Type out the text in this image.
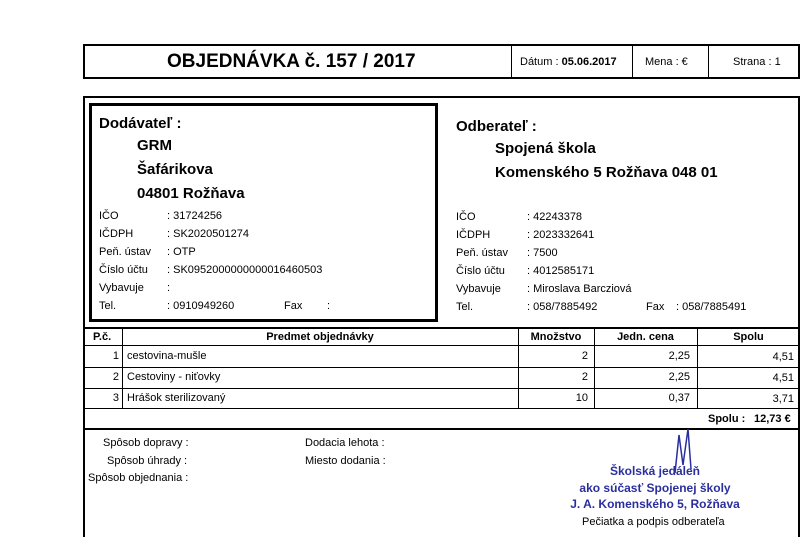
OBJEDNÁVKA č. 157 / 2017	Dátum : 05.06.2017	Mena : €	Strana : 1
Dodávateľ :
GRM
Šafárikova
04801 Rožňava
IČO	: 31724256
IČDPH	: SK2020501274
Peň. ústav : OTP
Číslo účtu : SK0952000000000016460503
Vybavuje :
Tel.	: 0910949260	Fax :
Odberateľ :
Spojená škola
Komenského 5 Rožňava 048 01
IČO	: 42243378
IČDPH	: 2023332641
Peň. ústav : 7500
Číslo účtu : 4012585171
Vybavuje : Miroslava Barcziová
Tel.	: 058/7885492	Fax : 058/7885491
P.č.	Predmet objednávky	Množstvo	Jedn. cena	Spolu
1 cestovina-mušle	2	2,25	4,51
2 Cestoviny - niťovky	2	2,25	4,51
3 Hrášok sterilizovaný	10	0,37	3,71
Spolu : 12,73 €
Spôsob dopravy :
Spôsob úhrady :
Spôsob objednania :
Dodacia lehota :
Miesto dodania :
Školská jedáleň
ako súčasť Spojenej školy
J. A. Komenského 5, Rožňava
Pečiatka a podpis odberateľa
